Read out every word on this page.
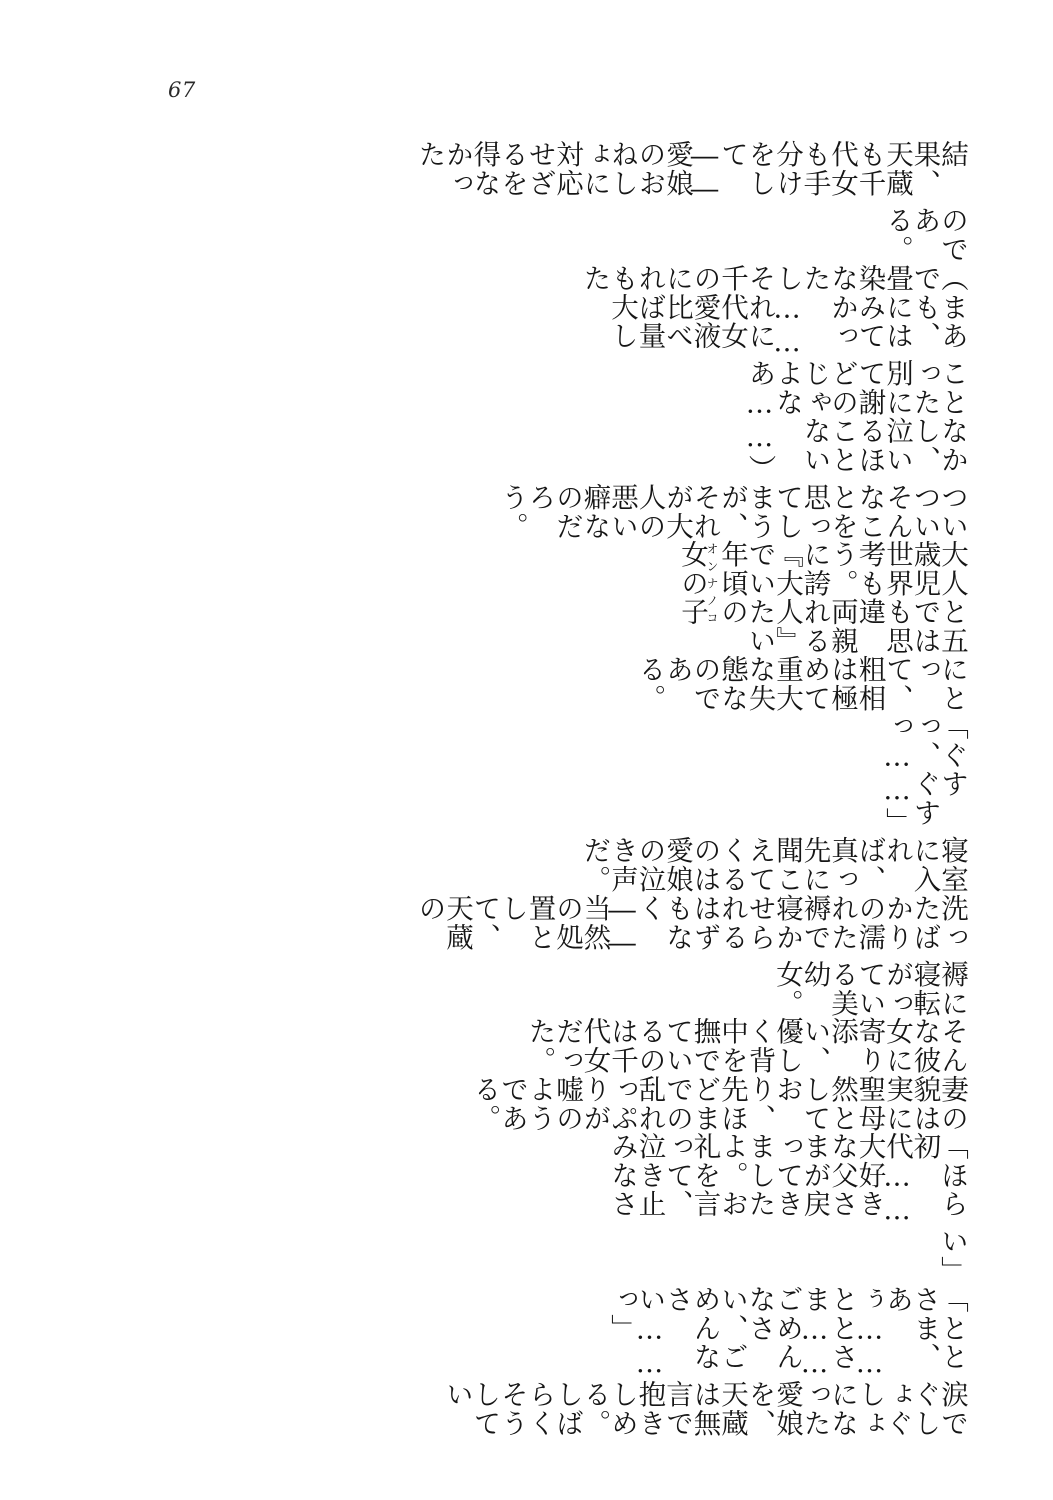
67
結果、天蔵も千代女も手分けをして――愛娘のおねしょに対応せざるを得なかった
のである。
（まあでも、畳には染みてなかったし……それに千代女の愛液に比べれば量も大した
ことなかったし、別に泣いて謝るほどのことじゃないよなあ……）
ついついそんなことを思ってしまうが、それが大人の悪い癖なのだろう。
大人と五歳児では世界も思考も違う。両親に誇れる『大人』でいたい年頃の女の子オンナノコ
にとって、粗相は極めて重大な失態なのである。
「ぐすっ、ぐすっ……」
寝室に入れば、真っ先に聞こえてくるのは愛娘の泣き声だ。
洗ったばかりの濡れた褥で寝かせられるはずもなく――当然の処置として、天蔵の
褥に寝転がっている美幼女。
そんな彼女に寄り添い、優しく背中を撫でているのは千代女だった。
妻の貌は実に聖母然としており、先ほどまでの乱れっぷりが嘘のようである。
「ほら初代……大好きな父さまが戻ってきましたよ。お礼を言って、泣き止みなさ
い」
「ととさま、あぅ……ととさま……ごめんなさい、ごめんなさい……っ」
涙でぐしょぐしょになった愛娘を、天蔵は無言で抱きしめる。しばらくそうしてい
